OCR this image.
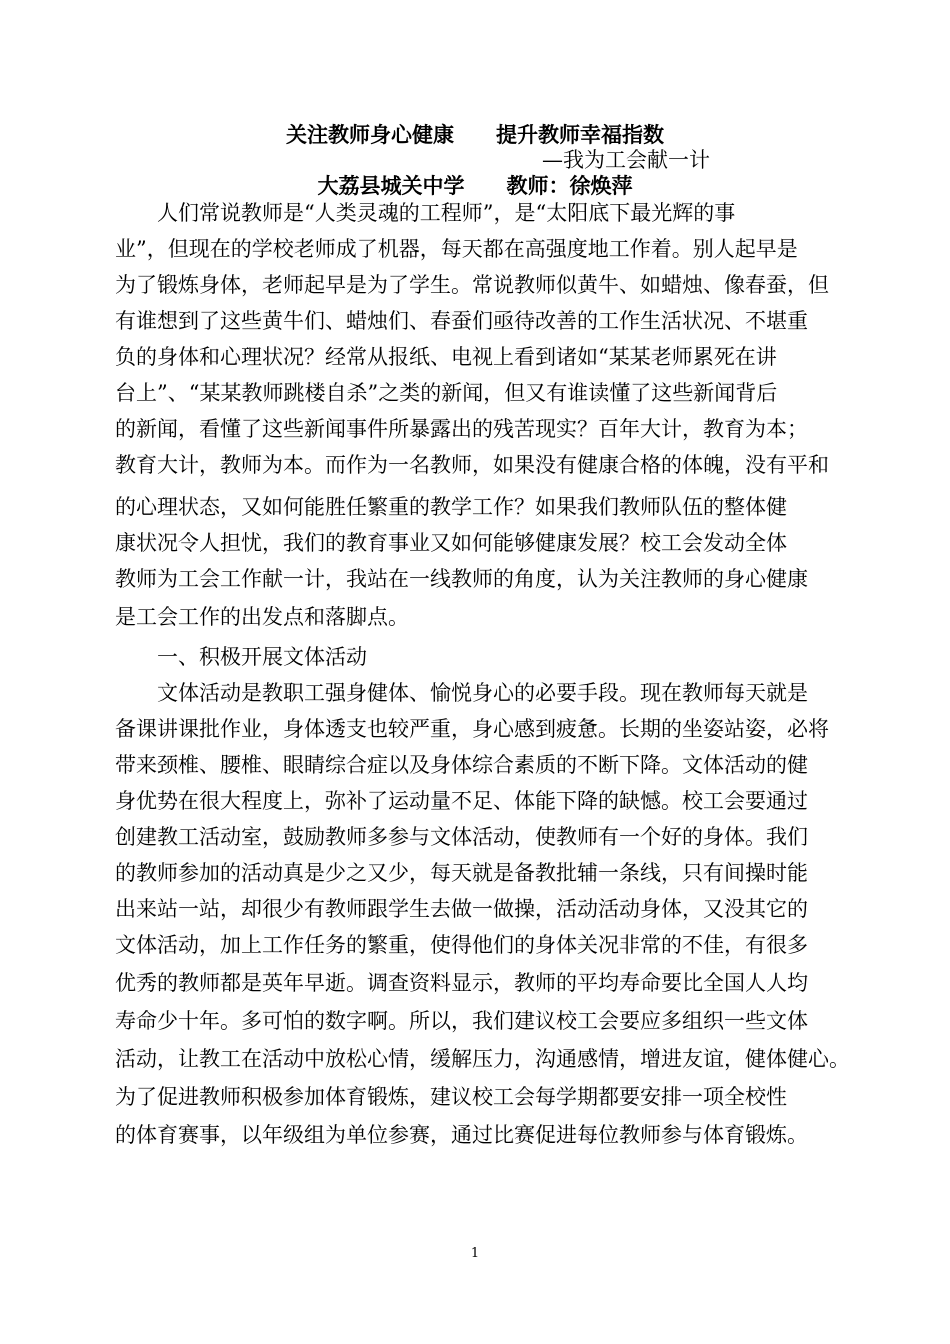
关注教师身心健康　　提升教师幸福指数
—我为工会献一计
大荔县城关中学　　教师：徐焕萍
　　人们常说教师是“人类灵魂的工程师”，是“太阳底下最光辉的事
业”，但现在的学校老师成了机器，每天都在高强度地工作着。别人起早是
为了锻炼身体，老师起早是为了学生。常说教师似黄牛、如蜡烛、像春蚕，但
有谁想到了这些黄牛们、蜡烛们、春蚕们亟待改善的工作生活状况、不堪重
负的身体和心理状况？经常从报纸、电视上看到诸如“某某老师累死在讲
台上”、“某某教师跳楼自杀”之类的新闻，但又有谁读懂了这些新闻背后
的新闻，看懂了这些新闻事件所暴露出的残苦现实？百年大计，教育为本；
教育大计，教师为本。而作为一名教师，如果没有健康合格的体魄，没有平和
的心理状态，又如何能胜任繁重的教学工作？如果我们教师队伍的整体健
康状况令人担忧，我们的教育事业又如何能够健康发展？校工会发动全体
教师为工会工作献一计，我站在一线教师的角度，认为关注教师的身心健康
是工会工作的出发点和落脚点。
　　一、积极开展文体活动
　　文体活动是教职工强身健体、愉悦身心的必要手段。现在教师每天就是
备课讲课批作业，身体透支也较严重，身心感到疲惫。长期的坐姿站姿，必将
带来颈椎、腰椎、眼睛综合症以及身体综合素质的不断下降。文体活动的健
身优势在很大程度上，弥补了运动量不足、体能下降的缺憾。校工会要通过
创建教工活动室，鼓励教师多参与文体活动，使教师有一个好的身体。我们
的教师参加的活动真是少之又少，每天就是备教批辅一条线，只有间操时能
出来站一站，却很少有教师跟学生去做一做操，活动活动身体，又没其它的
文体活动，加上工作任务的繁重，使得他们的身体关况非常的不佳，有很多
优秀的教师都是英年早逝。调查资料显示，教师的平均寿命要比全国人人均
寿命少十年。多可怕的数字啊。所以，我们建议校工会要应多组织一些文体
活动，让教工在活动中放松心情，缓解压力，沟通感情，增进友谊，健体健心。
为了促进教师积极参加体育锻炼，建议校工会每学期都要安排一项全校性
的体育赛事，以年级组为单位参赛，通过比赛促进每位教师参与体育锻炼。
1
